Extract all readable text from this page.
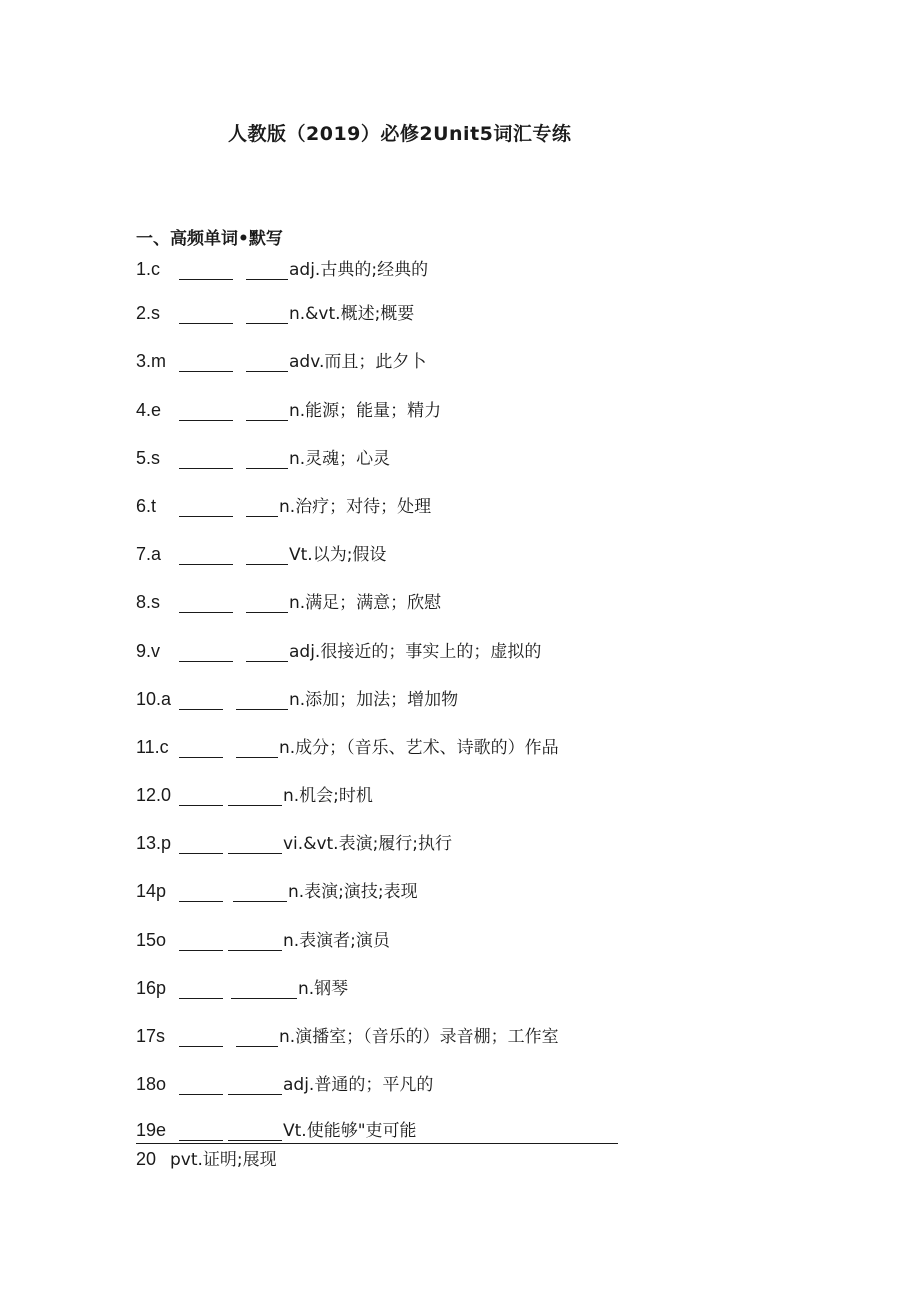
人教版（2019）必修2Unit5词汇专练
一、高频单词•默写
1.c	adj.古典的;经典的
2.s	n.&vt.概述;概要
3.m	adv.而且；此夕卜
4.e	n.能源；能量；精力
5.s	n.灵魂；心灵
6.t	n.治疗；对待；处理
7.a	Vt.以为;假设
8.s	n.满足；满意；欣慰
9.v	adj.很接近的；事实上的；虚拟的
10.a	n.添加；加法；增加物
11.c	n.成分；（音乐、艺术、诗歌的）作品
12.0	n.机会;时机
13.p	vi.&vt.表演;履行;执行
14p	n.表演;演技;表现
15o	n.表演者;演员
16p	n.钢琴
17s	n.演播室；（音乐的）录音棚；工作室
18o	adj.普通的；平凡的
19e	Vt.使能够"吏可能
20 pvt.证明;展现
